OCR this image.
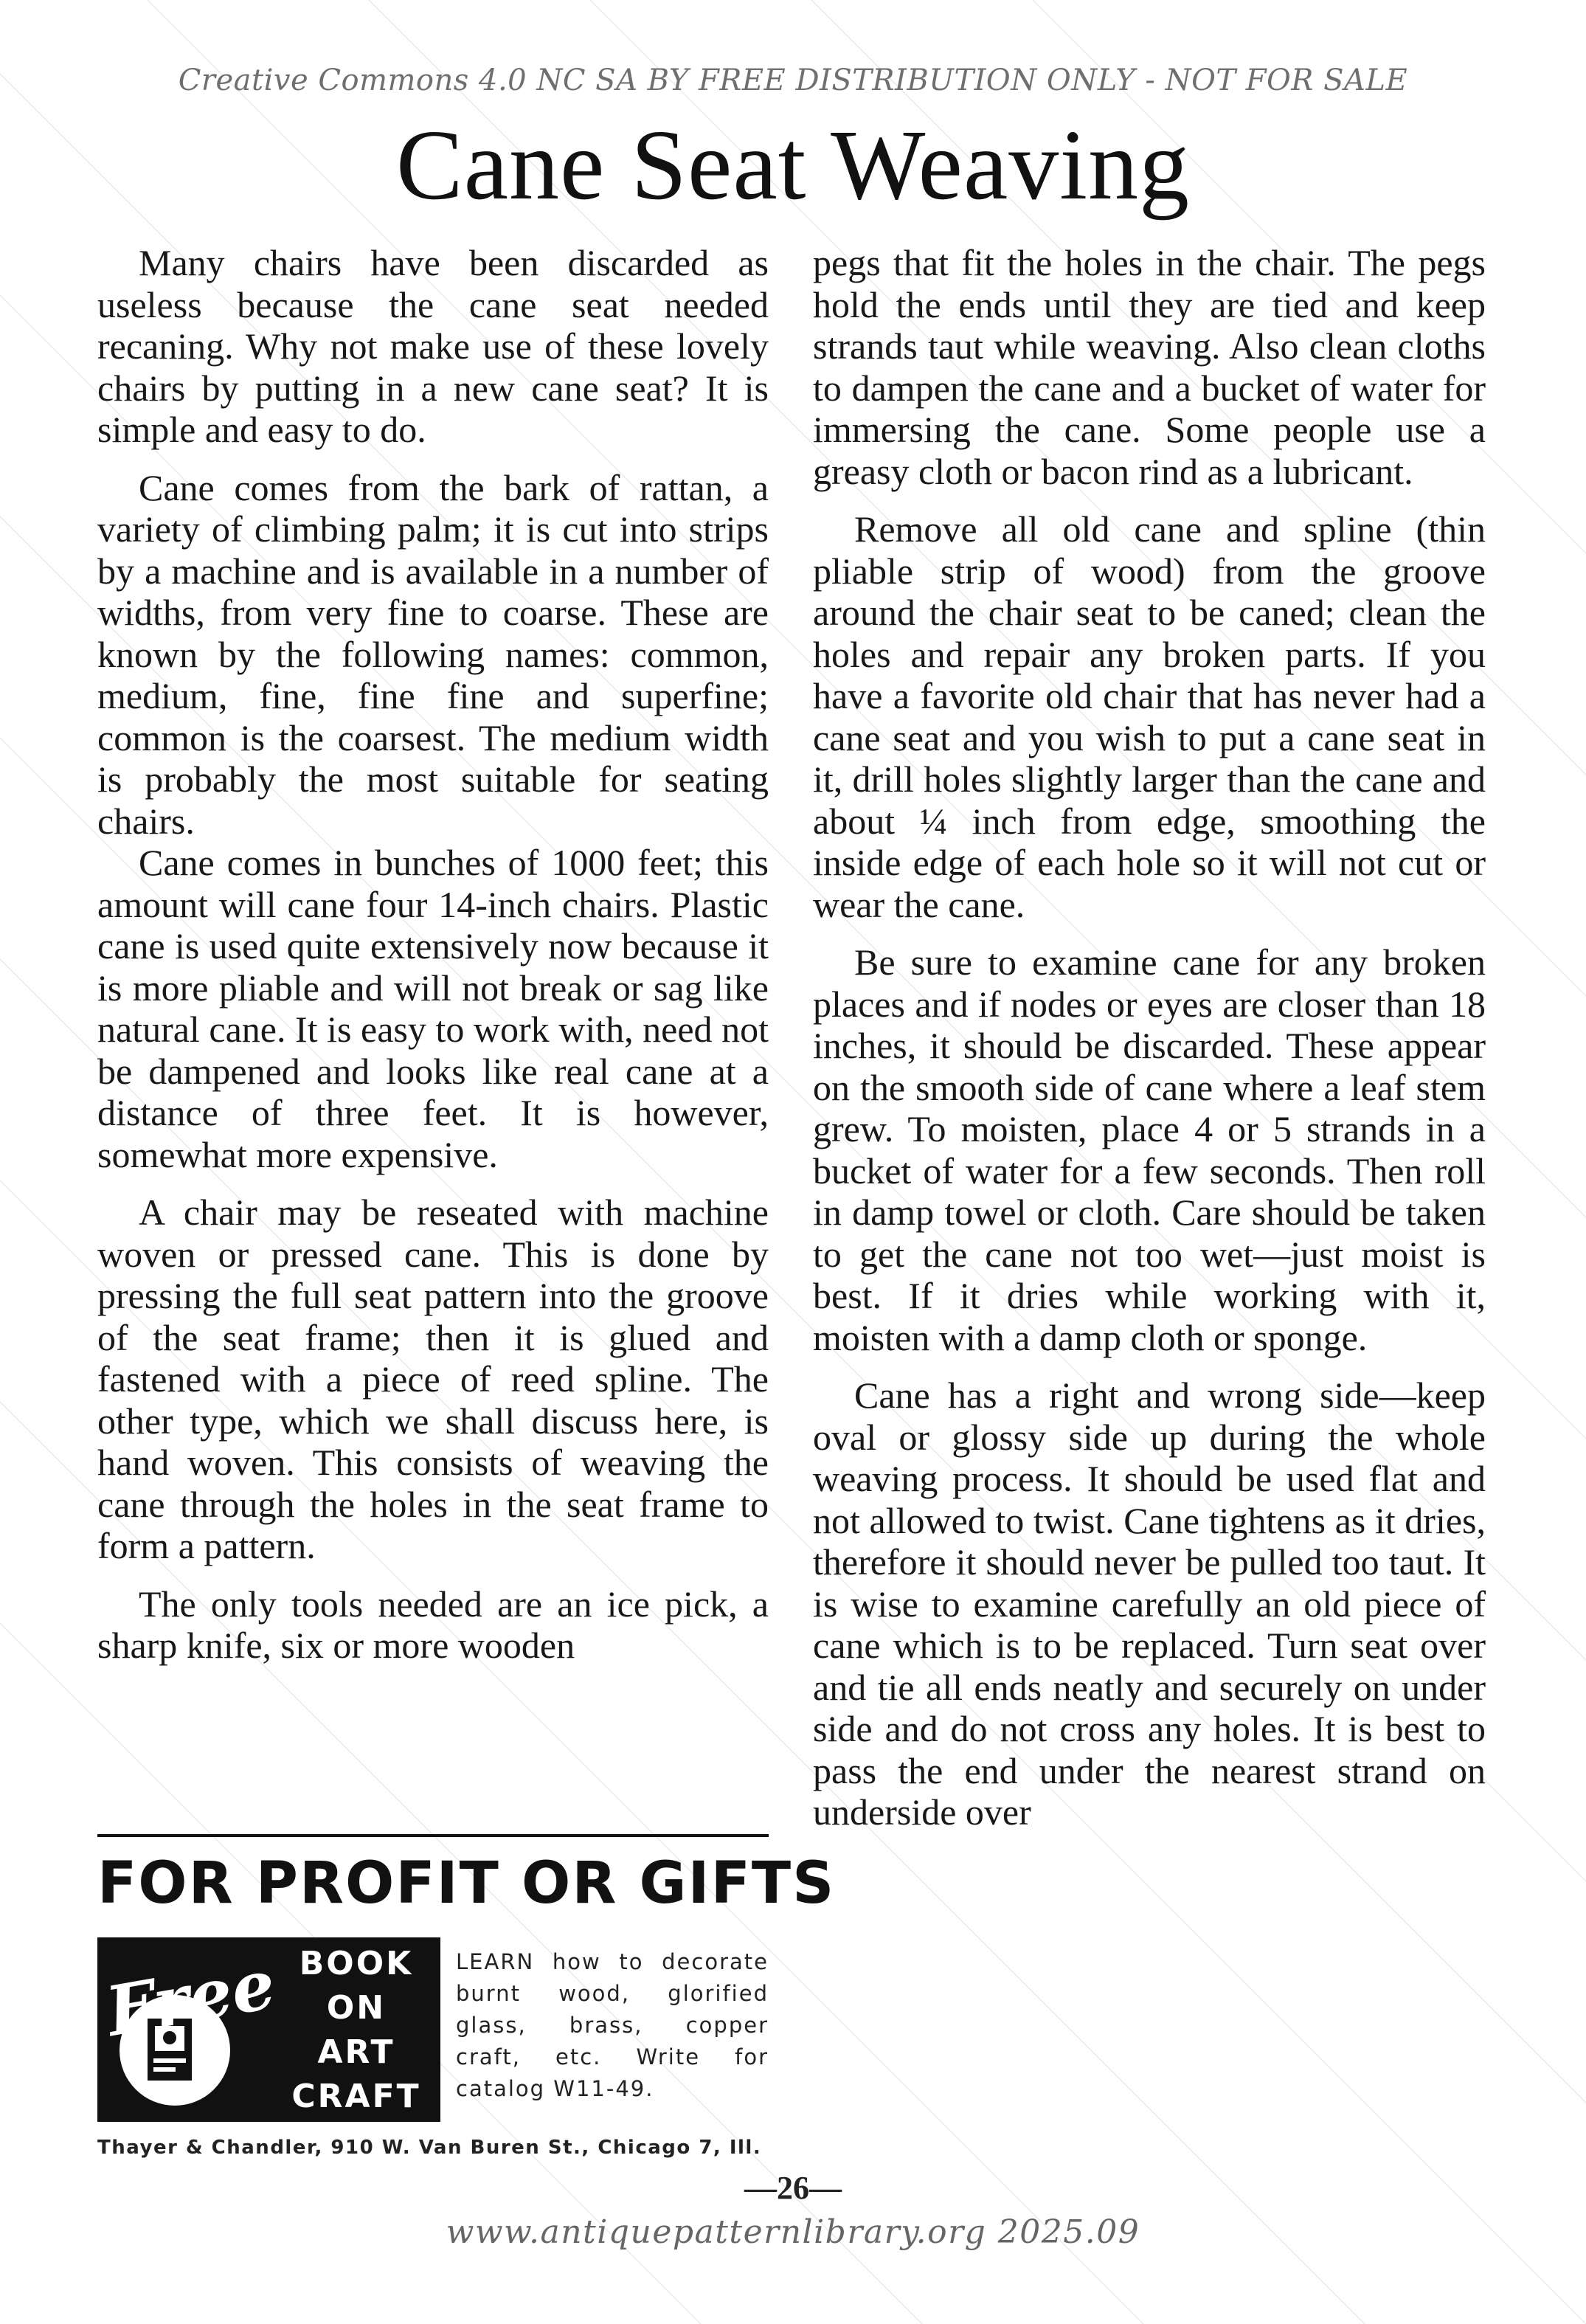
Creative Commons 4.0 NC SA BY FREE DISTRIBUTION ONLY - NOT FOR SALE
Cane Seat Weaving

Many chairs have been discarded as useless because the cane seat needed recaning. Why not make use of these lovely chairs by putting in a new cane seat? It is simple and easy to do.

Cane comes from the bark of rattan, a variety of climbing palm; it is cut into strips by a machine and is available in a number of widths, from very fine to coarse. These are known by the following names: common, medium, fine, fine fine and superfine; common is the coarsest. The medium width is probably the most suitable for seating chairs.

Cane comes in bunches of 1000 feet; this amount will cane four 14-inch chairs. Plastic cane is used quite extensively now because it is more pliable and will not break or sag like natural cane. It is easy to work with, need not be dampened and looks like real cane at a distance of three feet. It is however, somewhat more expensive.

A chair may be reseated with machine woven or pressed cane. This is done by pressing the full seat pattern into the groove of the seat frame; then it is glued and fastened with a piece of reed spline. The other type, which we shall discuss here, is hand woven. This consists of weaving the cane through the holes in the seat frame to form a pattern.

The only tools needed are an ice pick, a sharp knife, six or more wooden

pegs that fit the holes in the chair. The pegs hold the ends until they are tied and keep strands taut while weaving. Also clean cloths to dampen the cane and a bucket of water for immersing the cane. Some people use a greasy cloth or bacon rind as a lubricant.

Remove all old cane and spline (thin pliable strip of wood) from the groove around the chair seat to be caned; clean the holes and repair any broken parts. If you have a favorite old chair that has never had a cane seat and you wish to put a cane seat in it, drill holes slightly larger than the cane and about ¼ inch from edge, smoothing the inside edge of each hole so it will not cut or wear the cane.

Be sure to examine cane for any broken places and if nodes or eyes are closer than 18 inches, it should be discarded. These appear on the smooth side of cane where a leaf stem grew. To moisten, place 4 or 5 strands in a bucket of water for a few seconds. Then roll in damp towel or cloth. Care should be taken to get the cane not too wet—just moist is best. If it dries while working with it, moisten with a damp cloth or sponge.

Cane has a right and wrong side—keep oval or glossy side up during the whole weaving process. It should be used flat and not allowed to twist. Cane tightens as it dries, therefore it should never be pulled too taut. It is wise to examine carefully an old piece of cane which is to be replaced. Turn seat over and tie all ends neatly and securely on under side and do not cross any holes. It is best to pass the end under the nearest strand on underside over

FOR PROFIT OR GIFTS
Free BOOK
ON
ART
CRAFT
LEARN how to decorate burnt wood, glorified glass, brass, copper craft, etc. Write for catalog W11-49.
Thayer & Chandler, 910 W. Van Buren St., Chicago 7, Ill.
—26—
www.antiquepatternlibrary.org 2025.09
